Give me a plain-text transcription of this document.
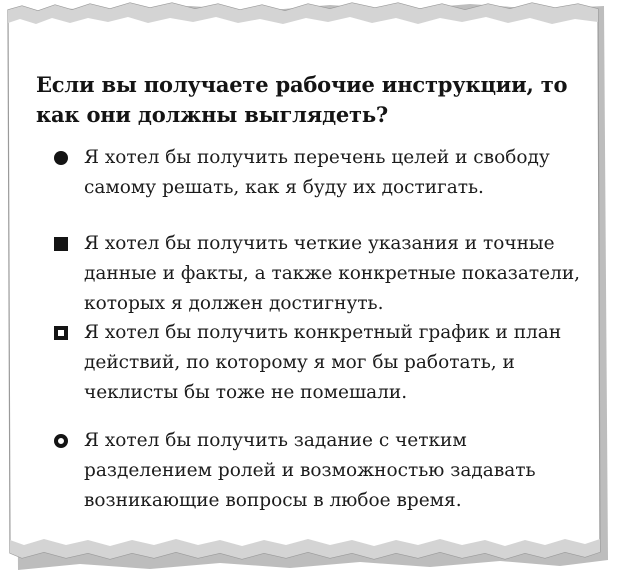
Если вы получаете рабочие инструкции, то как они должны выглядеть?
Я хотел бы получить перечень целей и свободу самому решать, как я буду их достигать.
Я хотел бы получить четкие указания и точные данные и факты, а также конкретные показатели, которых я должен достигнуть.
Я хотел бы получить конкретный график и план действий, по которому я мог бы работать, и чеклисты бы тоже не помешали.
Я хотел бы получить задание с четким разделением ролей и возможностью задавать возникающие вопросы в любое время.
